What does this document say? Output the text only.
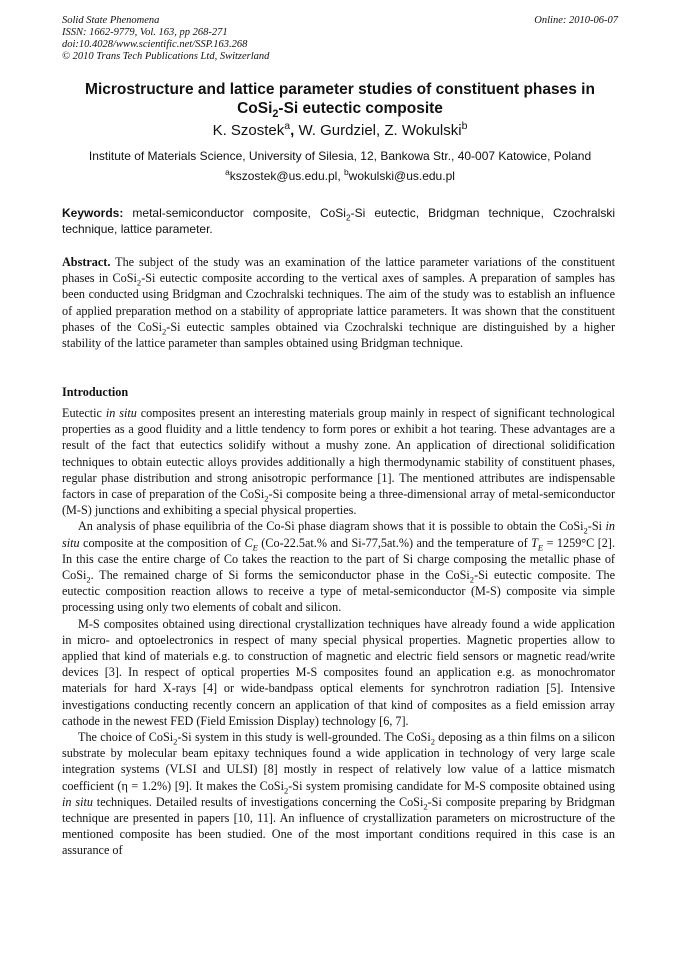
Solid State Phenomena
ISSN: 1662-9779, Vol. 163, pp 268-271
doi:10.4028/www.scientific.net/SSP.163.268
© 2010 Trans Tech Publications Ltd, Switzerland
Online: 2010-06-07
Microstructure and lattice parameter studies of constituent phases in
CoSi$_2$-Si eutectic composite
K. Szostek$^a$, W. Gurdziel, Z. Wokulski$^b$
Institute of Materials Science, University of Silesia, 12, Bankowa Str., 40-007 Katowice, Poland
$^a$kszostek@us.edu.pl, $^b$wokulski@us.edu.pl
Keywords: metal-semiconductor composite, CoSi$_2$-Si eutectic, Bridgman technique, Czochralski technique, lattice parameter.
Abstract. The subject of the study was an examination of the lattice parameter variations of the constituent phases in CoSi$_2$-Si eutectic composite according to the vertical axes of samples. A preparation of samples has been conducted using Bridgman and Czochralski techniques. The aim of the study was to establish an influence of applied preparation method on a stability of appropriate lattice parameters. It was shown that the constituent phases of the CoSi$_2$-Si eutectic samples obtained via Czochralski technique are distinguished by a higher stability of the lattice parameter than samples obtained using Bridgman technique.
Introduction

Eutectic in situ composites present an interesting materials group mainly in respect of significant technological properties as a good fluidity and a little tendency to form pores or exhibit a hot tearing. These advantages are a result of the fact that eutectics solidify without a mushy zone. An application of directional solidification techniques to obtain eutectic alloys provides additionally a high thermodynamic stability of constituent phases, regular phase distribution and strong anisotropic performance [1]. The mentioned attributes are indispensable factors in case of preparation of the CoSi$_2$-Si composite being a three-dimensional array of metal-semiconductor (M-S) junctions and exhibiting a special physical properties.

An analysis of phase equilibria of the Co-Si phase diagram shows that it is possible to obtain the CoSi$_2$-Si in situ composite at the composition of $C_E$ (Co-22.5at.% and Si-77,5at.%) and the temperature of $T_E = 1259^\circ C$ [2]. In this case the entire charge of Co takes the reaction to the part of Si charge composing the metallic phase of CoSi$_2$. The remained charge of Si forms the semiconductor phase in the CoSi$_2$-Si eutectic composite. The eutectic composition reaction allows to receive a type of metal-semiconductor (M-S) composite via simple processing using only two elements of cobalt and silicon.

M-S composites obtained using directional crystallization techniques have already found a wide application in micro- and optoelectronics in respect of many special physical properties. Magnetic properties allow to applied that kind of materials e.g. to construction of magnetic and electric field sensors or magnetic read/write devices [3]. In respect of optical properties M-S composites found an application e.g. as monochromator materials for hard X-rays [4] or wide-bandpass optical elements for synchrotron radiation [5]. Intensive investigations conducting recently concern an application of that kind of composites as a field emission array cathode in the newest FED (Field Emission Display) technology [6, 7].

The choice of CoSi$_2$-Si system in this study is well-grounded. The CoSi$_2$ deposing as a thin films on a silicon substrate by molecular beam epitaxy techniques found a wide application in technology of very large scale integration systems (VLSI and ULSI) [8] mostly in respect of relatively low value of a lattice mismatch coefficient (η = 1.2%) [9]. It makes the CoSi$_2$-Si system promising candidate for M-S composite obtained using in situ techniques. Detailed results of investigations concerning the CoSi$_2$-Si composite preparing by Bridgman technique are presented in papers [10, 11]. An influence of crystallization parameters on microstructure of the mentioned composite has been studied. One of the most important conditions required in this case is an assurance of
